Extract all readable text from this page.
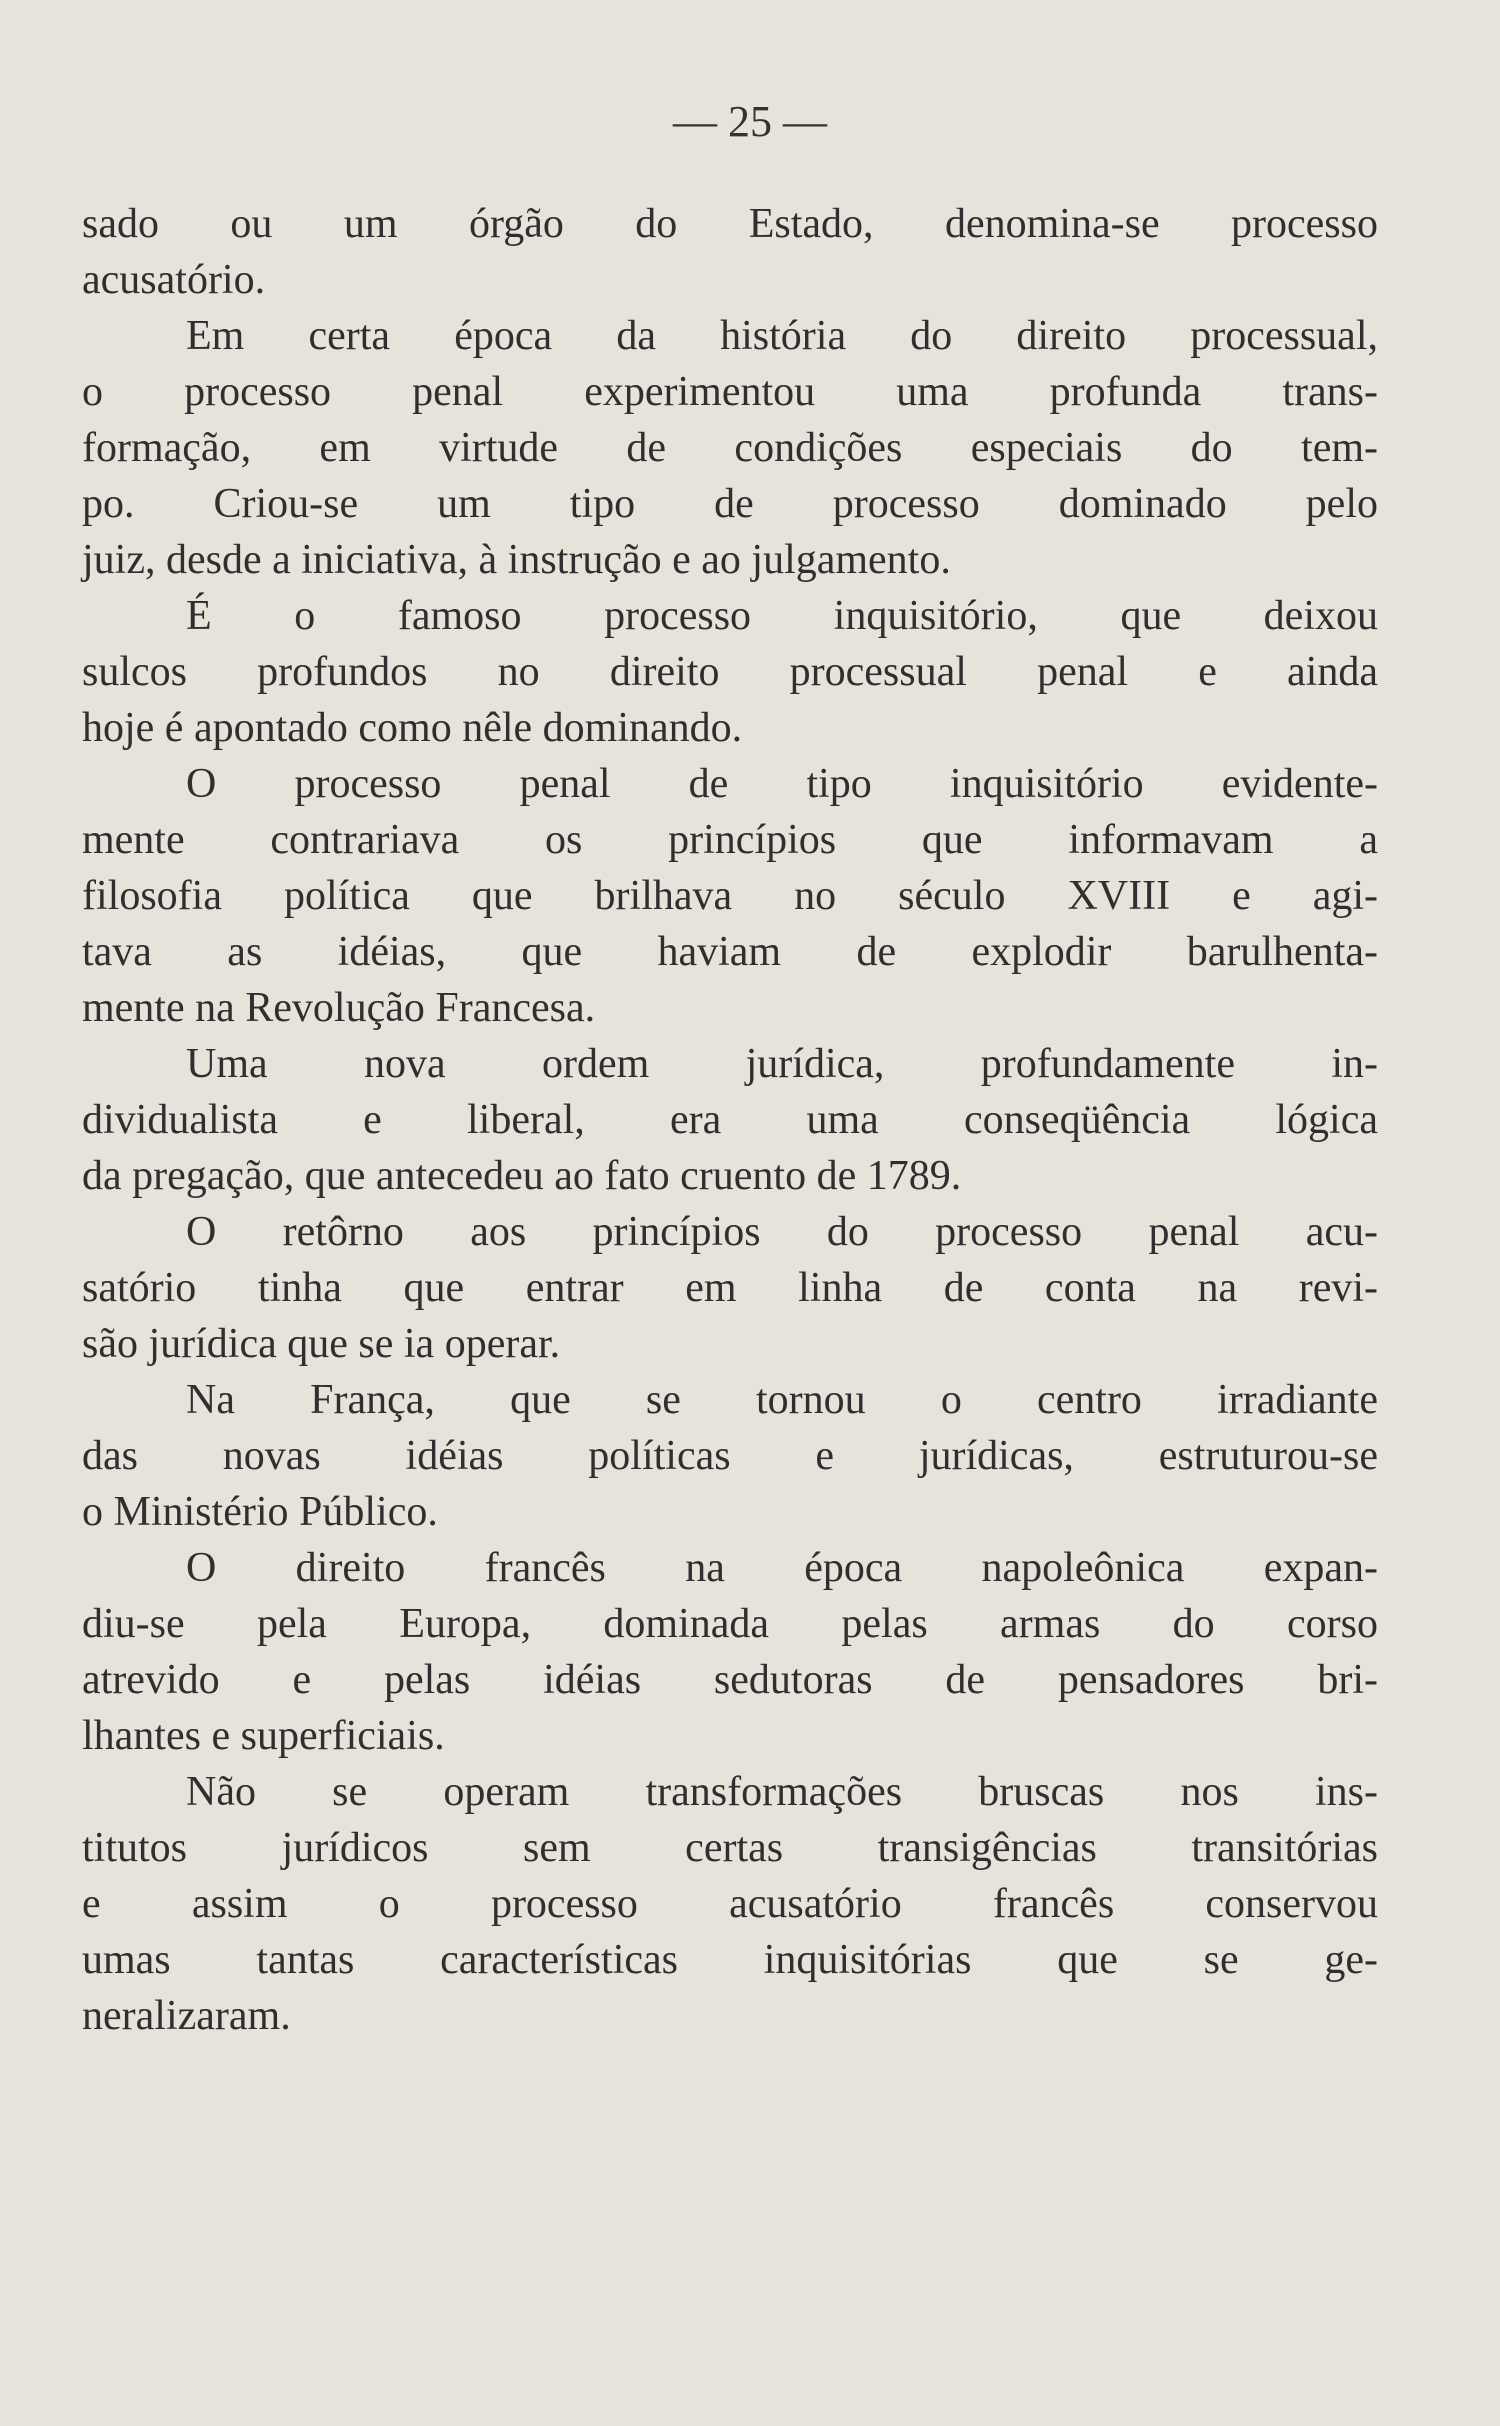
— 25 —
sado ou um órgão do Estado, denomina-se processo
acusatório.
Em certa época da história do direito processual,
o processo penal experimentou uma profunda trans-
formação, em virtude de condições especiais do tem-
po. Criou-se um tipo de processo dominado pelo
juiz, desde a iniciativa, à instrução e ao julgamento.
É o famoso processo inquisitório, que deixou
sulcos profundos no direito processual penal e ainda
hoje é apontado como nêle dominando.
O processo penal de tipo inquisitório evidente-
mente contrariava os princípios que informavam a
filosofia política que brilhava no século XVIII e agi-
tava as idéias, que haviam de explodir barulhenta-
mente na Revolução Francesa.
Uma nova ordem jurídica, profundamente in-
dividualista e liberal, era uma conseqüência lógica
da pregação, que antecedeu ao fato cruento de 1789.
O retôrno aos princípios do processo penal acu-
satório tinha que entrar em linha de conta na revi-
são jurídica que se ia operar.
Na França, que se tornou o centro irradiante
das novas idéias políticas e jurídicas, estruturou-se
o Ministério Público.
O direito francês na época napoleônica expan-
diu-se pela Europa, dominada pelas armas do corso
atrevido e pelas idéias sedutoras de pensadores bri-
lhantes e superficiais.
Não se operam transformações bruscas nos ins-
titutos jurídicos sem certas transigências transitórias
e assim o processo acusatório francês conservou
umas tantas características inquisitórias que se ge-
neralizaram.
